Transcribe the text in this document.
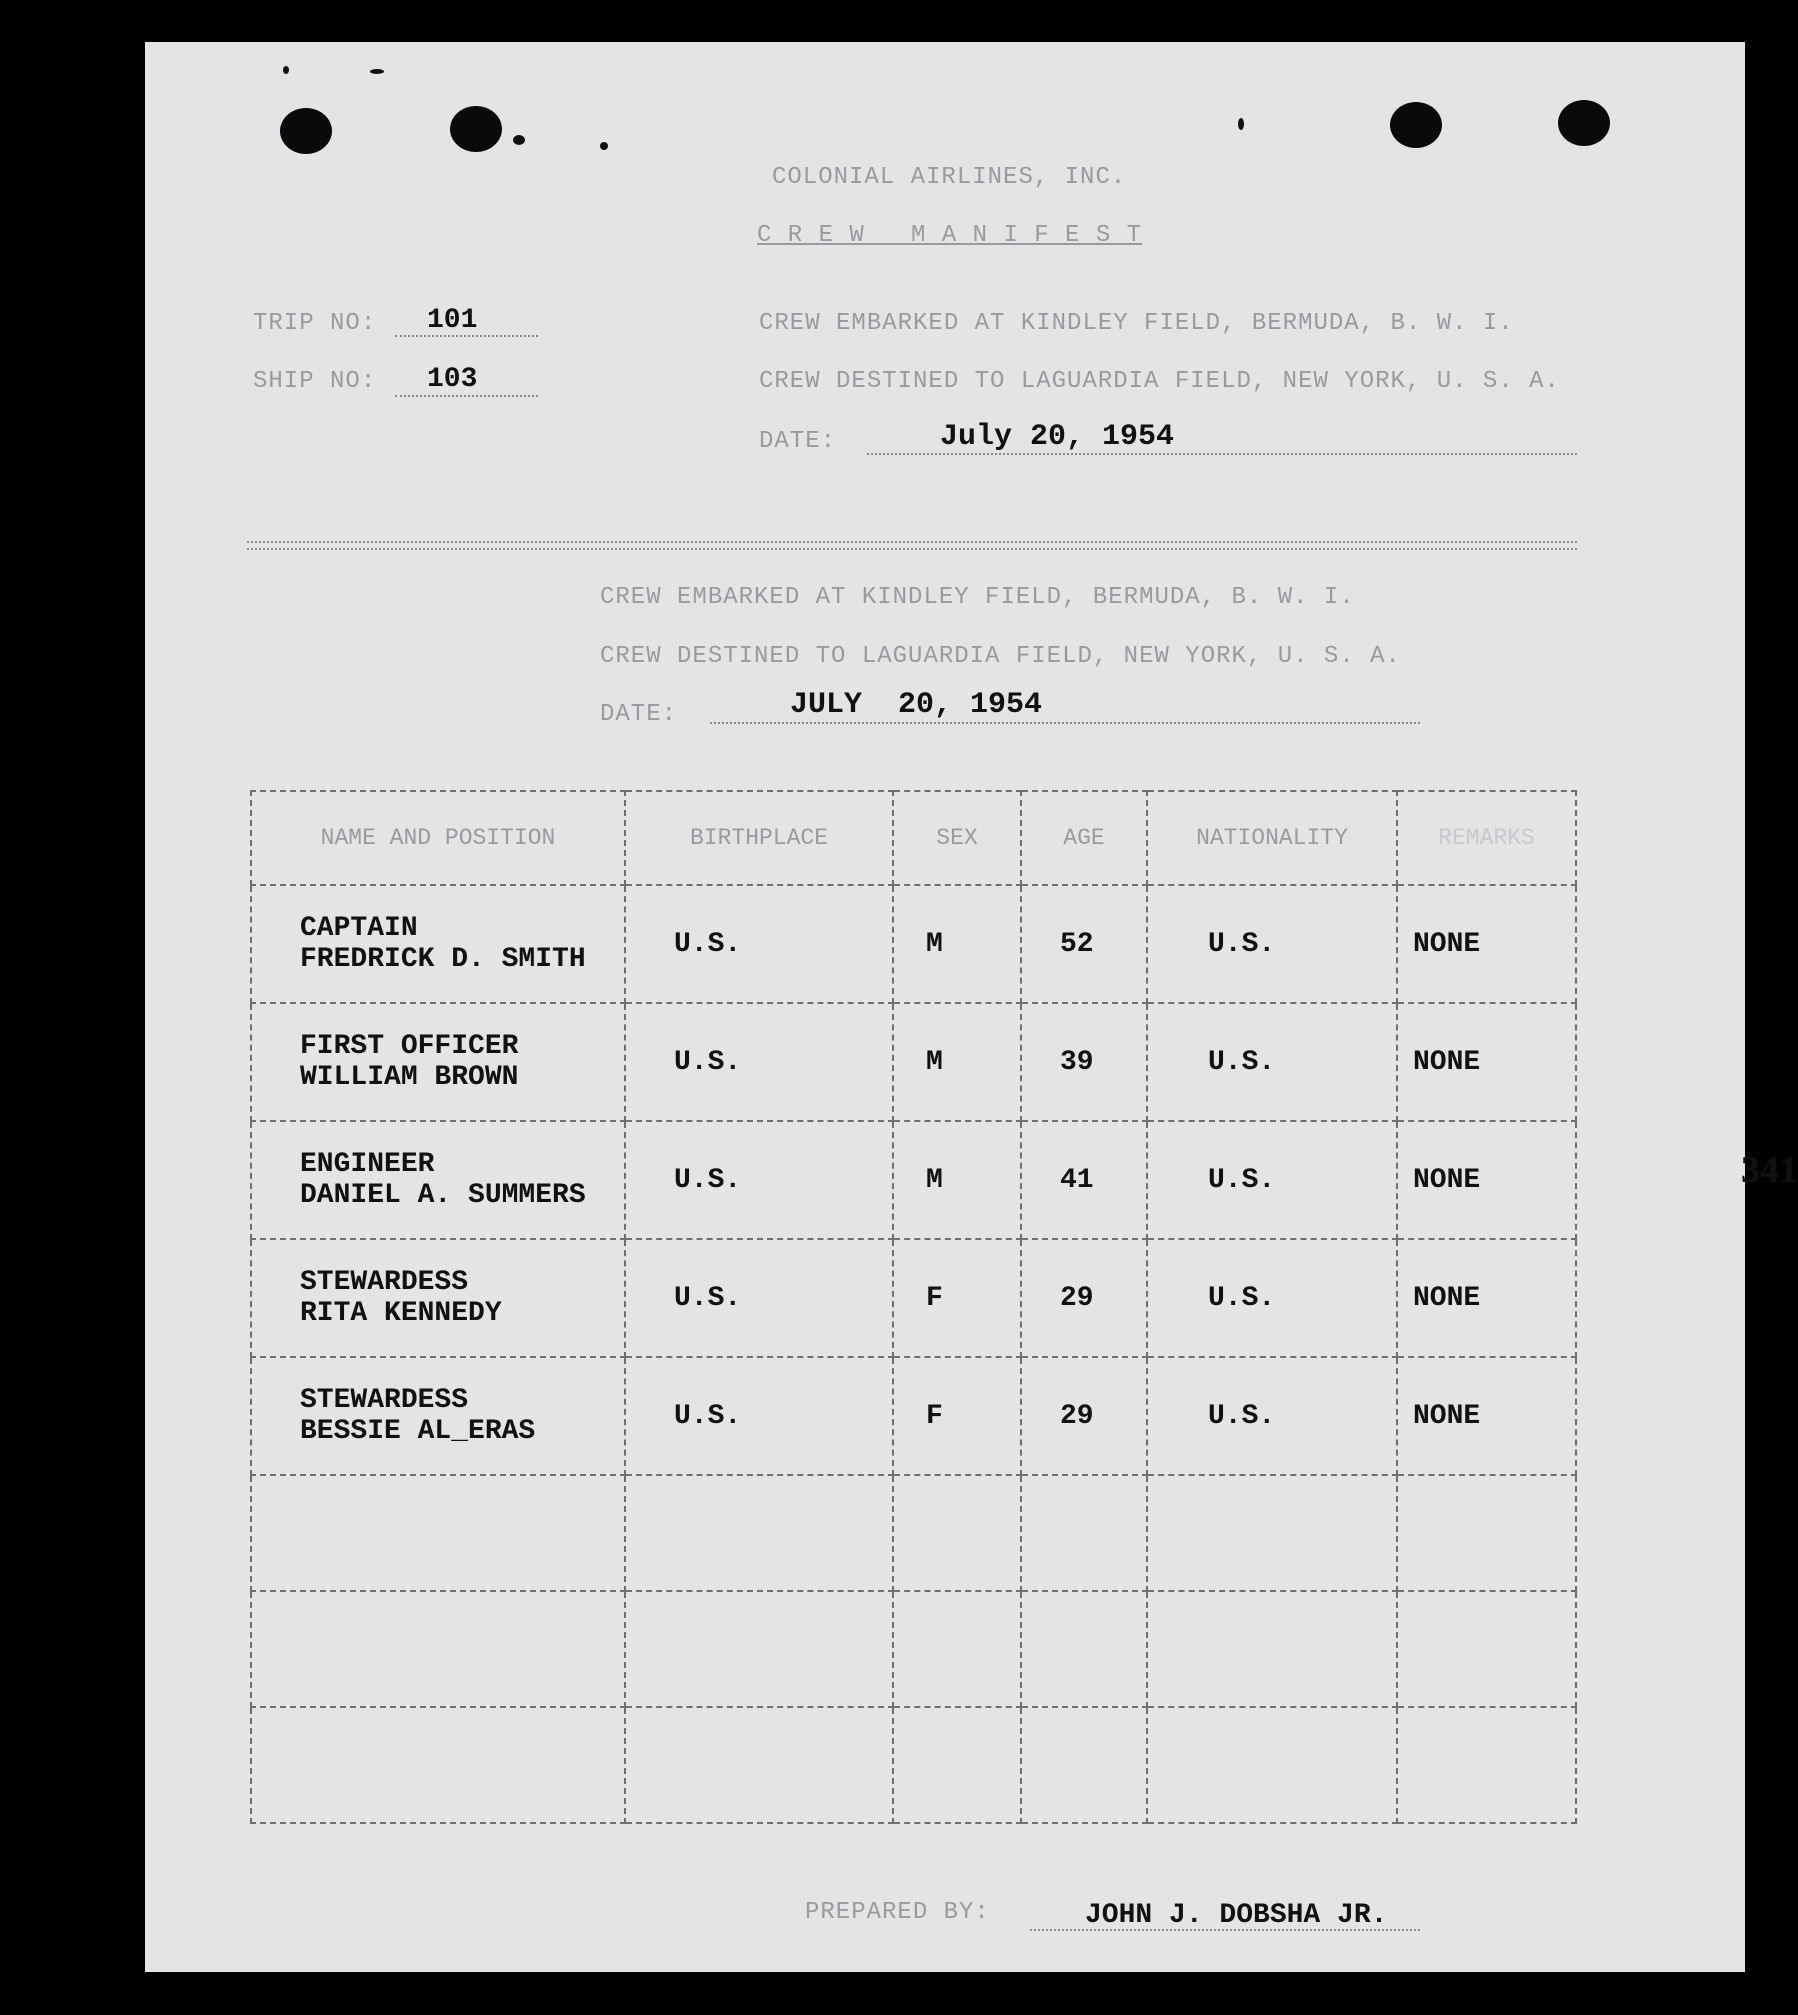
COLONIAL AIRLINES, INC.
C R E W   M A N I F E S T
TRIP NO: 101
SHIP NO: 103
CREW EMBARKED AT KINDLEY FIELD, BERMUDA, B. W. I.
CREW DESTINED TO LAGUARDIA FIELD, NEW YORK, U. S. A.
DATE:	July 20, 1954
CREW EMBARKED AT KINDLEY FIELD, BERMUDA, B. W. I.
CREW DESTINED TO LAGUARDIA FIELD, NEW YORK, U. S. A.
DATE:	JULY  20, 1954
341
PREPARED BY:	JOHN J. DOBSHA JR.
NAME AND POSITION	BIRTHPLACE	SEX	AGE	NATIONALITY	REMARKS

CAPTAIN
FREDRICK D. SMITH	U.S.	M	52	U.S.	NONE

FIRST OFFICER
WILLIAM BROWN	U.S.	M	39	U.S.	NONE

ENGINEER
DANIEL A. SUMMERS	U.S.	M	41	U.S.	NONE

STEWARDESS
RITA KENNEDY	U.S.	F	29	U.S.	NONE

STEWARDESS
BESSIE AL_ERAS	U.S.	F	29	U.S.	NONE
